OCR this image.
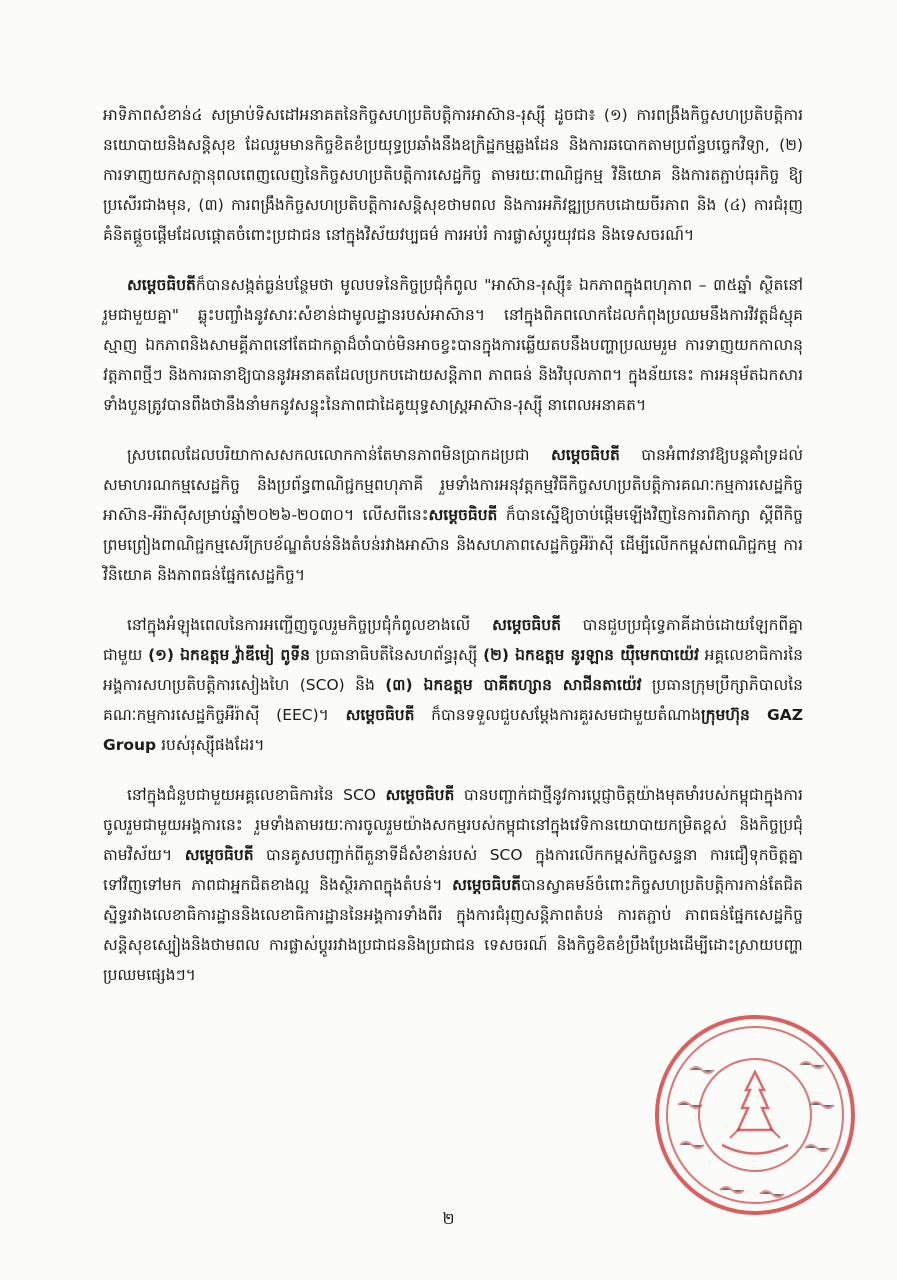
អាទិភាពសំខាន់៤ សម្រាប់ទិសដៅអនាគតនៃកិច្ចសហប្រតិបត្តិការអាស៊ាន-រុស្ស៊ី ដូចជា៖ (១) ការពង្រឹងកិច្ចសហប្រតិបត្តិការនយោបាយនិងសន្តិសុខ ដែលរួមមានកិច្ចខិតខំប្រយុទ្ធប្រឆាំងនឹងឧក្រិដ្ឋកម្មឆ្លងដែន និងការឆបោកតាមប្រព័ន្ធបច្ចេកវិទ្យា, (២) ការទាញយកសក្តានុពលពេញលេញនៃកិច្ចសហប្រតិបត្តិការសេដ្ឋកិច្ច តាមរយៈពាណិជ្ជកម្ម វិនិយោគ និងការតភ្ជាប់ធុរកិច្ច ឱ្យប្រសើរជាងមុន, (៣) ការពង្រឹងកិច្ចសហប្រតិបត្តិការសន្តិសុខថាមពល និងការអភិវឌ្ឍប្រកបដោយចីរភាព និង (៤) ការជំរុញគំនិតផ្តួចផ្តើមដែលផ្តោតចំពោះប្រជាជន នៅក្នុងវិស័យវប្បធម៌ ការអប់រំ ការផ្លាស់ប្តូរយុវជន និងទេសចរណ៍។

សម្តេចធិបតីក៏បានសង្កត់ធ្ងន់បន្ថែមថា មូលបទនៃកិច្ចប្រជុំកំពូល "អាស៊ាន-រុស្ស៊ី៖ ឯកភាពក្នុងពហុភាព – ៣៥ឆ្នាំ ស្ថិតនៅរួមជាមួយគ្នា" ឆ្លុះបញ្ចាំងនូវសារៈសំខាន់ជាមូលដ្ឋានរបស់អាស៊ាន។ នៅក្នុងពិភពលោកដែលកំពុងប្រឈមនឹងការវិវត្តដ៏ស្មុគស្មាញ ឯកភាពនិងសាមគ្គីភាពនៅតែជាកត្តាដ៏ចាំបាច់មិនអាចខ្វះបានក្នុងការឆ្លើយតបនឹងបញ្ហាប្រឈមរួម ការទាញយកកាលានុវត្តភាពថ្មីៗ និងការធានាឱ្យបាននូវអនាគតដែលប្រកបដោយសន្តិភាព ភាពធន់ និងវិបុលភាព។ ក្នុងន័យនេះ ការអនុម័តឯកសារទាំងបួនត្រូវបានពឹងថានឹងនាំមកនូវសន្ទុះនៃភាពជាដៃគូយុទ្ធសាស្ត្រអាស៊ាន-រុស្ស៊ី នាពេលអនាគត។

ស្របពេលដែលបរិយាកាសសកលលោកកាន់តែមានភាពមិនប្រាកដប្រជា សម្តេចធិបតី បានអំពាវនាវឱ្យបន្តគាំទ្រដល់សមាហរណកម្មសេដ្ឋកិច្ច និងប្រព័ន្ធពាណិជ្ជកម្មពហុភាគី រួមទាំងការអនុវត្តកម្មវិធីកិច្ចសហប្រតិបត្តិការគណៈកម្មការសេដ្ឋកិច្ចអាស៊ាន-អឺរ៉ាស៊ីសម្រាប់ឆ្នាំ២០២៦-២០៣០។ លើសពីនេះសម្តេចធិបតី ក៏បានស្នើឱ្យចាប់ផ្តើមឡើងវិញនៃការពិភាក្សា ស្តីពីកិច្ចព្រមព្រៀងពាណិជ្ជកម្មសេរីក្របខ័ណ្ឌតំបន់និងតំបន់រវាងអាស៊ាន និងសហភាពសេដ្ឋកិច្ចអឺរ៉ាស៊ី ដើម្បីលើកកម្ពស់ពាណិជ្ជកម្ម ការវិនិយោគ និងភាពធន់ផ្នែកសេដ្ឋកិច្ច។

នៅក្នុងអំឡុងពេលនៃការអញ្ជើញចូលរួមកិច្ចប្រជុំកំពូលខាងលើ សម្តេចធិបតី បានជួបប្រជុំទ្វេភាគីដាច់ដោយឡែកពីគ្នាជាមួយ (១) ឯកឧត្តម វ៉្លាឌីមៀ ពូទីន ប្រធានាធិបតីនៃសហព័ន្ធរុស្ស៊ី (២) ឯកឧត្តម នូរឡាន យ៉ឺមេកបាយ៉េវ អគ្គលេខាធិការនៃអង្គការសហប្រតិបត្តិការសៀងហៃ (SCO) និង (៣) ឯកឧត្តម បាគីតហ្សាន សាជីនតាយ៉េវ ប្រធានក្រុមប្រឹក្សាភិបាលនៃគណៈកម្មការសេដ្ឋកិច្ចអឺរ៉ាស៊ី (EEC)។ សម្តេចធិបតី ក៏បានទទួលជួបសម្តែងការគួរសមជាមួយតំណាងក្រុមហ៊ុន GAZ Group របស់រុស្ស៊ីផងដែរ។

នៅក្នុងជំនួបជាមួយអគ្គលេខាធិការនៃ SCO សម្តេចធិបតី បានបញ្ជាក់ជាថ្មីនូវការប្តេជ្ញាចិត្តយ៉ាងមុតមាំរបស់កម្ពុជាក្នុងការចូលរួមជាមួយអង្គការនេះ រួមទាំងតាមរយៈការចូលរួមយ៉ាងសកម្មរបស់កម្ពុជានៅក្នុងវេទិកានយោបាយកម្រិតខ្ពស់ និងកិច្ចប្រជុំតាមវិស័យ។ សម្តេចធិបតី បានគូសបញ្ជាក់ពីតួនាទីដ៏សំខាន់របស់ SCO ក្នុងការលើកកម្ពស់កិច្ចសន្ទនា ការជឿទុកចិត្តគ្នាទៅវិញទៅមក ភាពជាអ្នកជិតខាងល្អ និងស្ថិរភាពក្នុងតំបន់។ សម្តេចធិបតីបានស្វាគមន៍ចំពោះកិច្ចសហប្រតិបត្តិការកាន់តែជិតស្និទ្ធរវាងលេខាធិការដ្ឋាននិងលេខាធិការដ្ឋាននៃអង្គការទាំងពីរ ក្នុងការជំរុញសន្តិភាពតំបន់ ការតភ្ជាប់ ភាពធន់ផ្នែកសេដ្ឋកិច្ច សន្តិសុខស្បៀងនិងថាមពល ការផ្លាស់ប្តូររវាងប្រជាជននិងប្រជាជន ទេសចរណ៍ និងកិច្ចខិតខំប្រឹងប្រែងដើម្បីដោះស្រាយបញ្ហាប្រឈមផ្សេងៗ។

២
